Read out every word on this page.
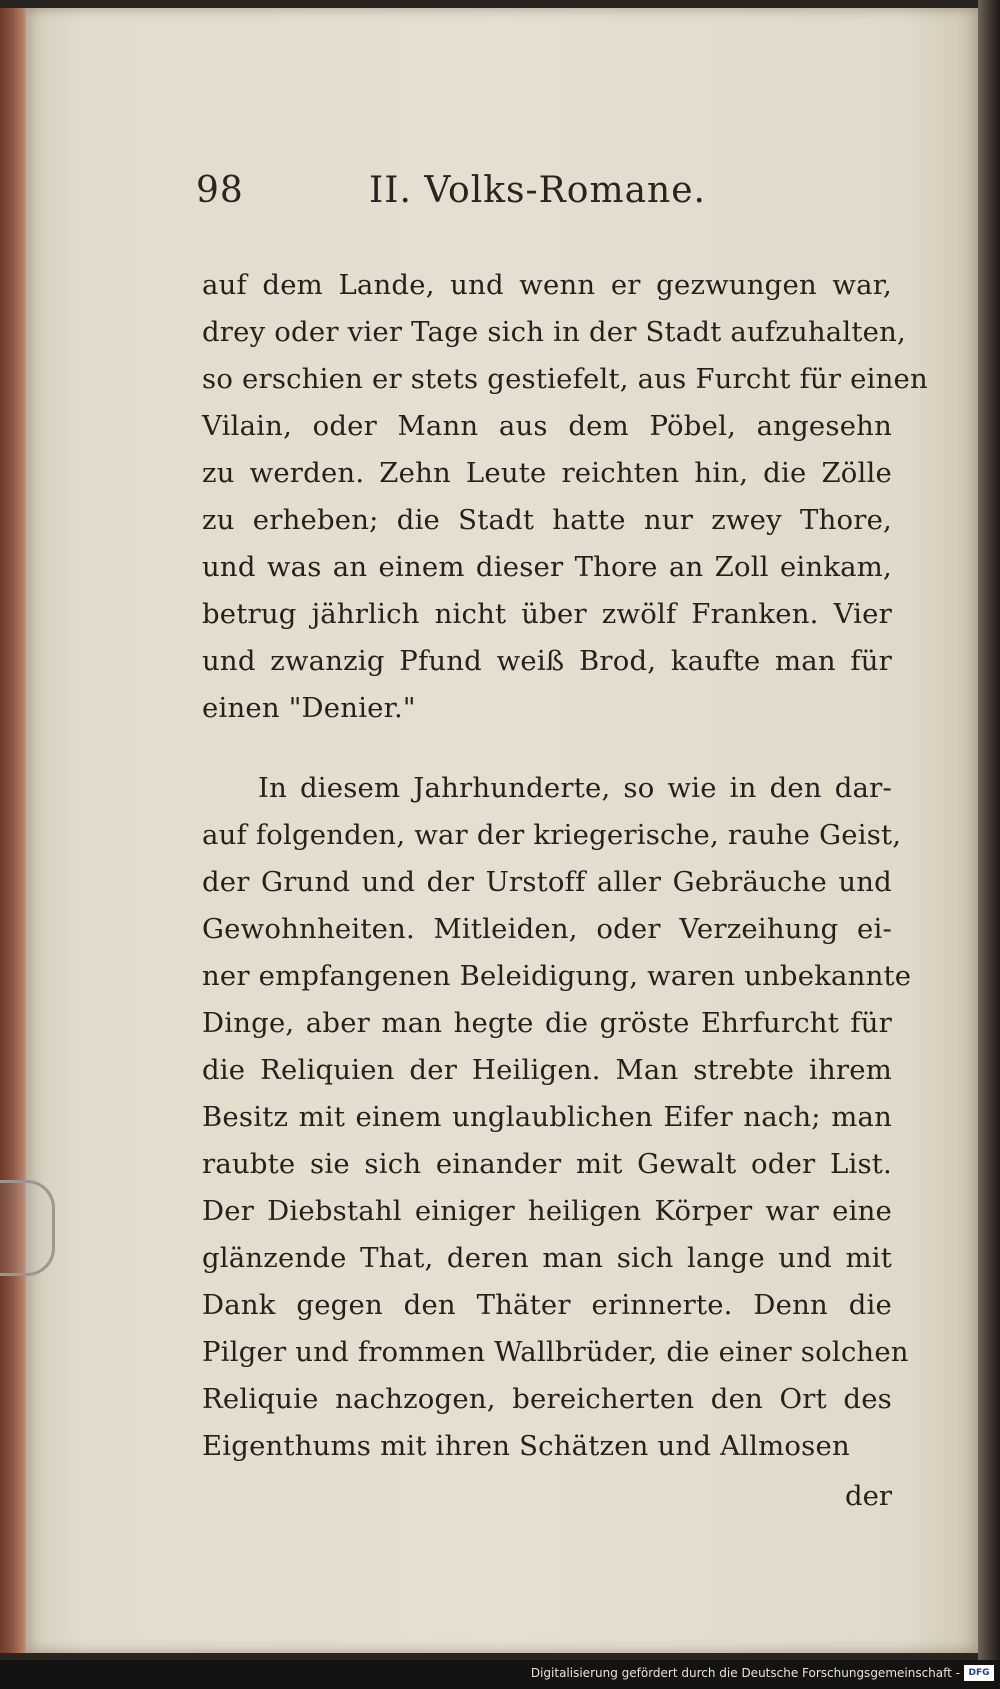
98	II. Volks-Romane.
auf dem Lande, und wenn er gezwungen war,
drey oder vier Tage sich in der Stadt aufzuhalten,
so erschien er stets gestiefelt, aus Furcht für einen
Vilain, oder Mann aus dem Pöbel, angesehn
zu werden. Zehn Leute reichten hin, die Zölle
zu erheben; die Stadt hatte nur zwey Thore,
und was an einem dieser Thore an Zoll einkam,
betrug jährlich nicht über zwölf Franken. Vier
und zwanzig Pfund weiß Brod, kaufte man für
einen "Denier."
In diesem Jahrhunderte, so wie in den dar-
auf folgenden, war der kriegerische, rauhe Geist,
der Grund und der Urstoff aller Gebräuche und
Gewohnheiten. Mitleiden, oder Verzeihung ei-
ner empfangenen Beleidigung, waren unbekannte
Dinge, aber man hegte die gröste Ehrfurcht für
die Reliquien der Heiligen. Man strebte ihrem
Besitz mit einem unglaublichen Eifer nach; man
raubte sie sich einander mit Gewalt oder List.
Der Diebstahl einiger heiligen Körper war eine
glänzende That, deren man sich lange und mit
Dank gegen den Thäter erinnerte. Denn die
Pilger und frommen Wallbrüder, die einer solchen
Reliquie nachzogen, bereicherten den Ort des
Eigenthums mit ihren Schätzen und Allmosen
der
Digitalisierung gefördert durch die Deutsche Forschungsgemeinschaft - DFG
